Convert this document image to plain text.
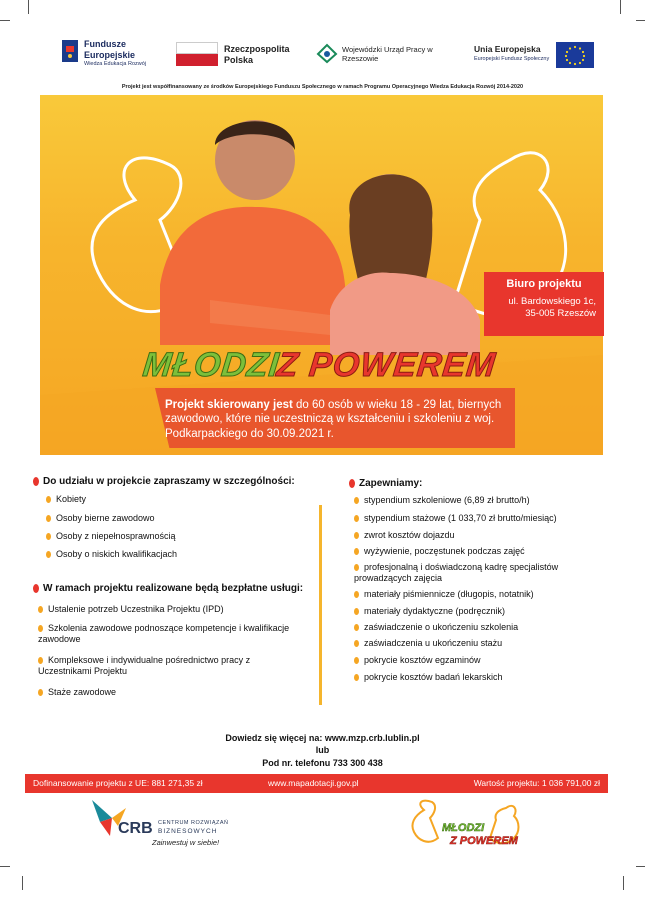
Fundusze Europejskie
Wiedza Edukacja Rozwój
Rzeczpospolita Polska
Wojewódzki Urząd Pracy w Rzeszowie
Unia Europejska
Europejski Fundusz Społeczny
Projekt jest współfinansowany ze środków Europejskiego Funduszu Społecznego w ramach Programu Operacyjnego Wiedza Edukacja Rozwój 2014-2020
Biuro projektu
ul. Bardowskiego 1c,
35-005 Rzeszów
Projekt skierowany jest do 60 osób w wieku 18 - 29 lat, biernych zawodowo, które nie uczestniczą w kształceniu i szkoleniu z woj. Podkarpackiego do 30.09.2021 r.
MŁODZI
Z POWEREM
Do udziału w projekcie zapraszamy w szczególności:
Kobiety
Osoby bierne zawodowo
Osoby z niepełnosprawnością
Osoby o niskich kwalifikacjach
W ramach projektu realizowane będą bezpłatne usługi:
Ustalenie potrzeb Uczestnika Projektu (IPD)
Szkolenia zawodowe podnoszące kompetencje i kwalifikacje zawodowe
Kompleksowe i indywidualne pośrednictwo pracy z Uczestnikami Projektu
Staże zawodowe
Zapewniamy:
stypendium szkoleniowe (6,89 zł brutto/h)
stypendium stażowe (1 033,70 zł brutto/miesiąc)
zwrot kosztów dojazdu
wyżywienie, poczęstunek podczas zajęć
profesjonalną i doświadczoną kadrę specjalistów prowadzących zajęcia
materiały piśmiennicze (długopis, notatnik)
materiały dydaktyczne (podręcznik)
zaświadczenie o ukończeniu szkolenia
zaświadczenia u ukończeniu stażu
pokrycie kosztów egzaminów
pokrycie kosztów badań lekarskich
Dowiedz się więcej na: www.mzp.crb.lublin.pl
lub
Pod nr. telefonu 733 300 438
Dofinansowanie projektu z UE: 881 271,35 zł	www.mapadotacji.gov.pl	Wartość projektu: 1 036 791,00 zł
CRB CENTRUM ROZWIĄZAŃ
BIZNESOWYCH
Zainwestuj w siebie!
MŁODZI
Z POWEREM
